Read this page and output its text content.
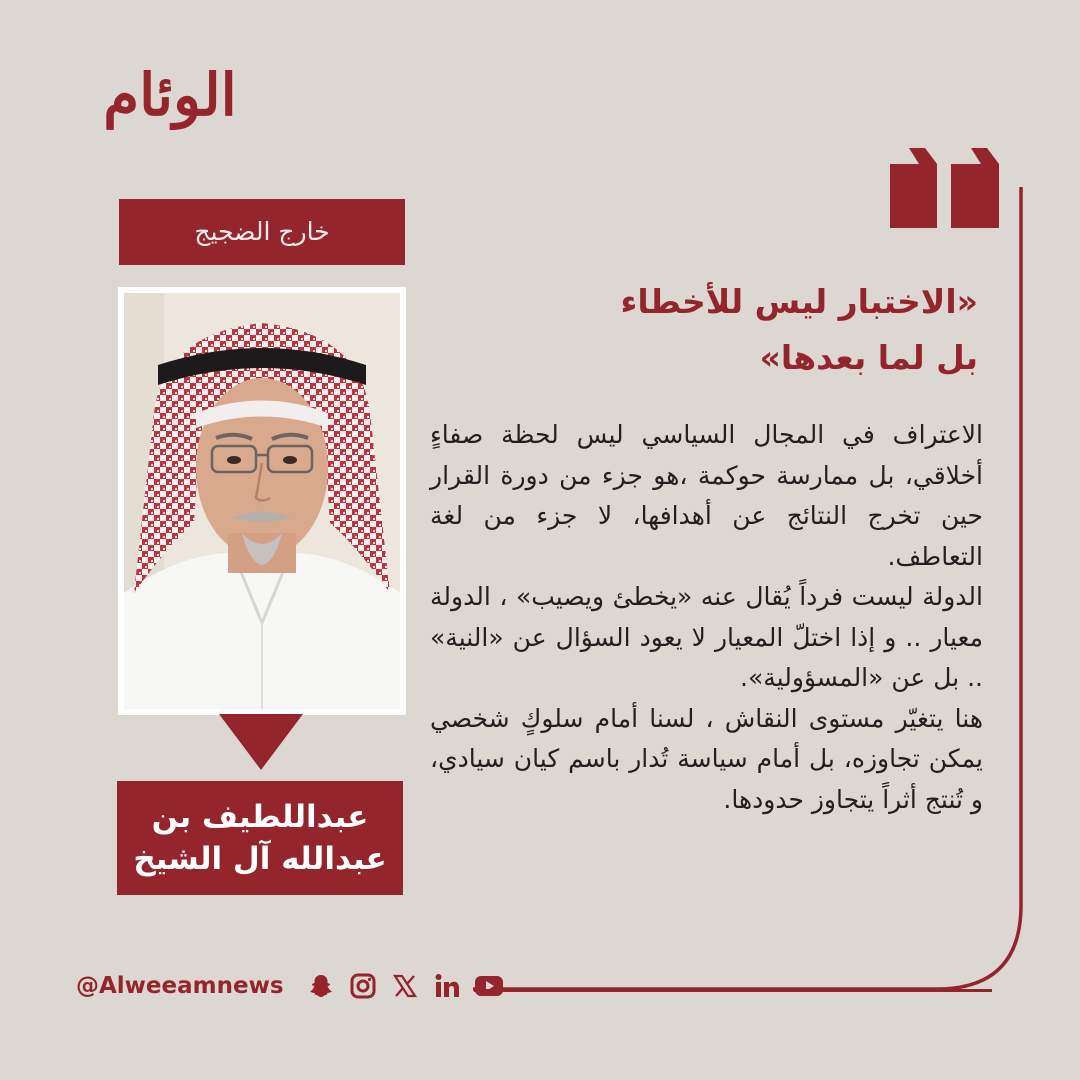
الوئام
خارج الضجيج
عبداللطيف بن
عبدالله آل الشيخ
«الاختبار ليس للأخطاء
بل لما بعدها»

الاعتراف في المجال السياسي ليس لحظة صفاءٍ أخلاقي، بل ممارسة حوكمة ،هو جزء من دورة القرار حين تخرج النتائج عن أهدافها، لا جزء من لغة التعاطف.

الدولة ليست فرداً يُقال عنه «يخطئ ويصيب» ، الدولة معيار .. و إذا اختلّ المعيار لا يعود السؤال عن «النية» .. بل عن «المسؤولية».

هنا يتغيّر مستوى النقاش ، لسنا أمام سلوكٍ شخصي يمكن تجاوزه، بل أمام سياسة تُدار باسم كيان سيادي، و تُنتج أثراً يتجاوز حدودها.

@Alweeamnews
